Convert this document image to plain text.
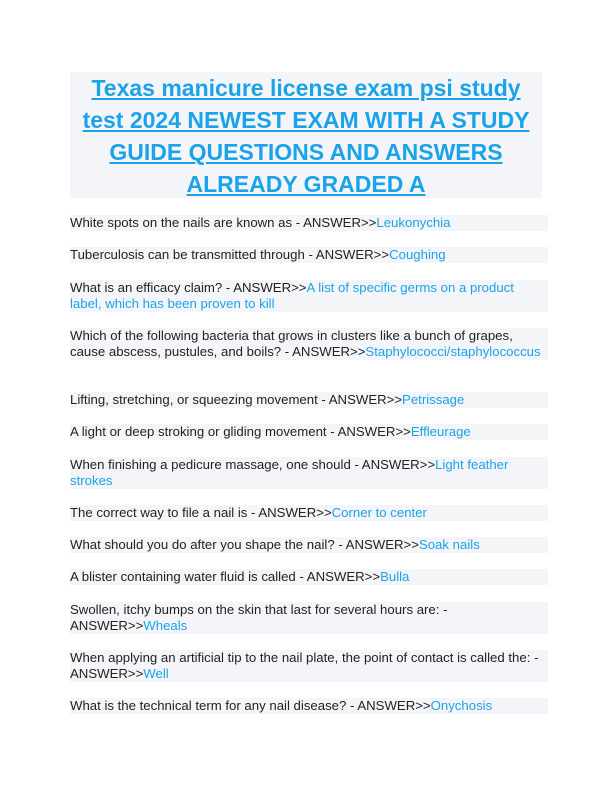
Texas manicure license exam psi study test 2024 NEWEST EXAM WITH A STUDY GUIDE QUESTIONS AND ANSWERS ALREADY GRADED A
White spots on the nails are known as - ANSWER>>Leukonychia
Tuberculosis can be transmitted through - ANSWER>>Coughing
What is an efficacy claim? - ANSWER>>A list of specific germs on a product label, which has been proven to kill
Which of the following bacteria that grows in clusters like a bunch of grapes, cause abscess, pustules, and boils? - ANSWER>>Staphylococci/staphylococcus
Lifting, stretching, or squeezing movement - ANSWER>>Petrissage
A light or deep stroking or gliding movement - ANSWER>>Effleurage
When finishing a pedicure massage, one should - ANSWER>>Light feather strokes
The correct way to file a nail is - ANSWER>>Corner to center
What should you do after you shape the nail? - ANSWER>>Soak nails
A blister containing water fluid is called - ANSWER>>Bulla
Swollen, itchy bumps on the skin that last for several hours are: - ANSWER>>Wheals
When applying an artificial tip to the nail plate, the point of contact is called the: - ANSWER>>Well
What is the technical term for any nail disease? - ANSWER>>Onychosis
